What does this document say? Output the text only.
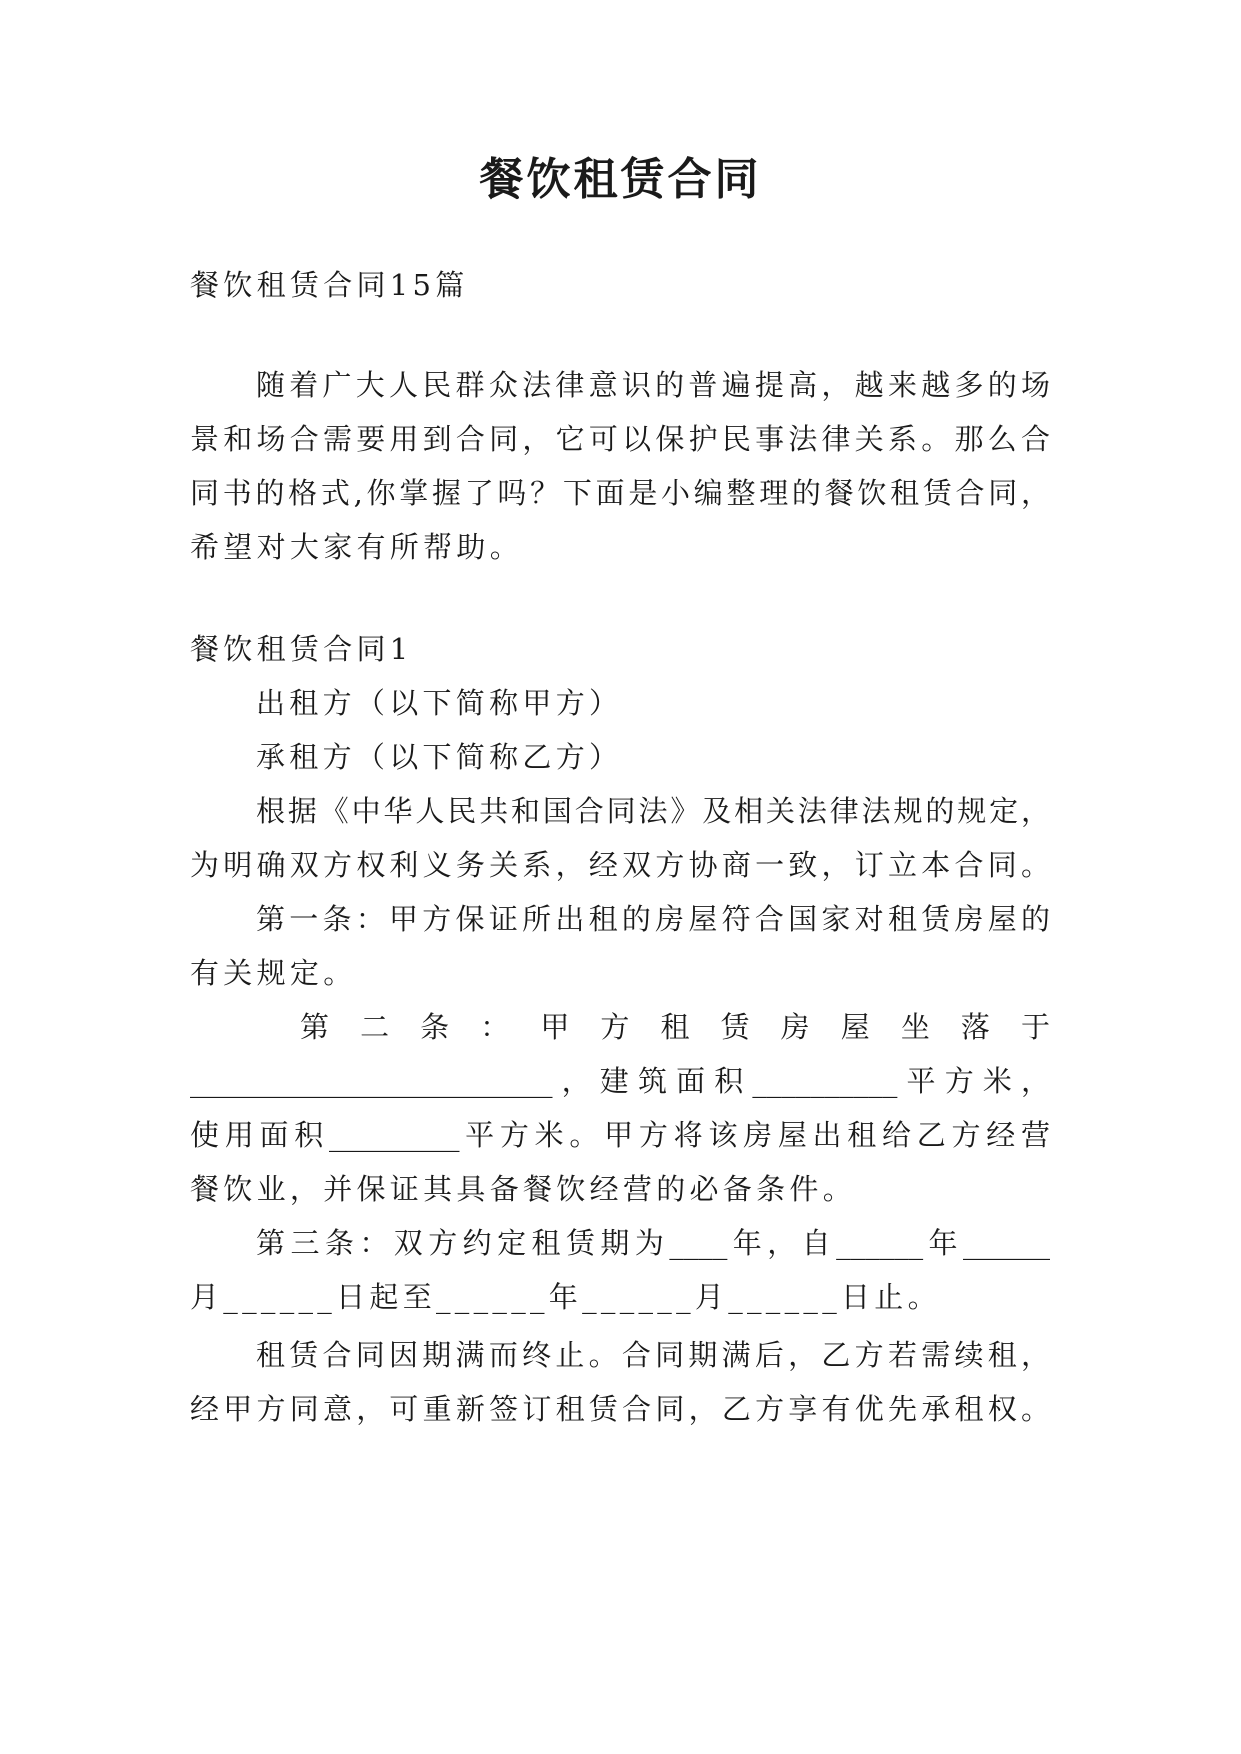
餐饮租赁合同

餐饮租赁合同15篇

随着广大人民群众法律意识的普遍提高，越来越多的场

景和场合需要用到合同，它可以保护民事法律关系。那么合

同书的格式,你掌握了吗？下面是小编整理的餐饮租赁合同，

希望对大家有所帮助。

餐饮租赁合同1

出租方（以下简称甲方）

承租方（以下简称乙方）

根据《中华人民共和国合同法》及相关法律法规的规定，

为明确双方权利义务关系，经双方协商一致，订立本合同。

第一条：甲方保证所出租的房屋符合国家对租赁房屋的

有关规定。

第 二 条 ： 甲 方 租 赁 房 屋 坐 落 于

_________________________，建筑面积__________平方米，

使用面积_________平方米。甲方将该房屋出租给乙方经营

餐饮业，并保证其具备餐饮经营的必备条件。

第三条：双方约定租赁期为____年，自______年______

月______日起至______年______月______日止。

租赁合同因期满而终止。合同期满后，乙方若需续租，

经甲方同意，可重新签订租赁合同，乙方享有优先承租权。
